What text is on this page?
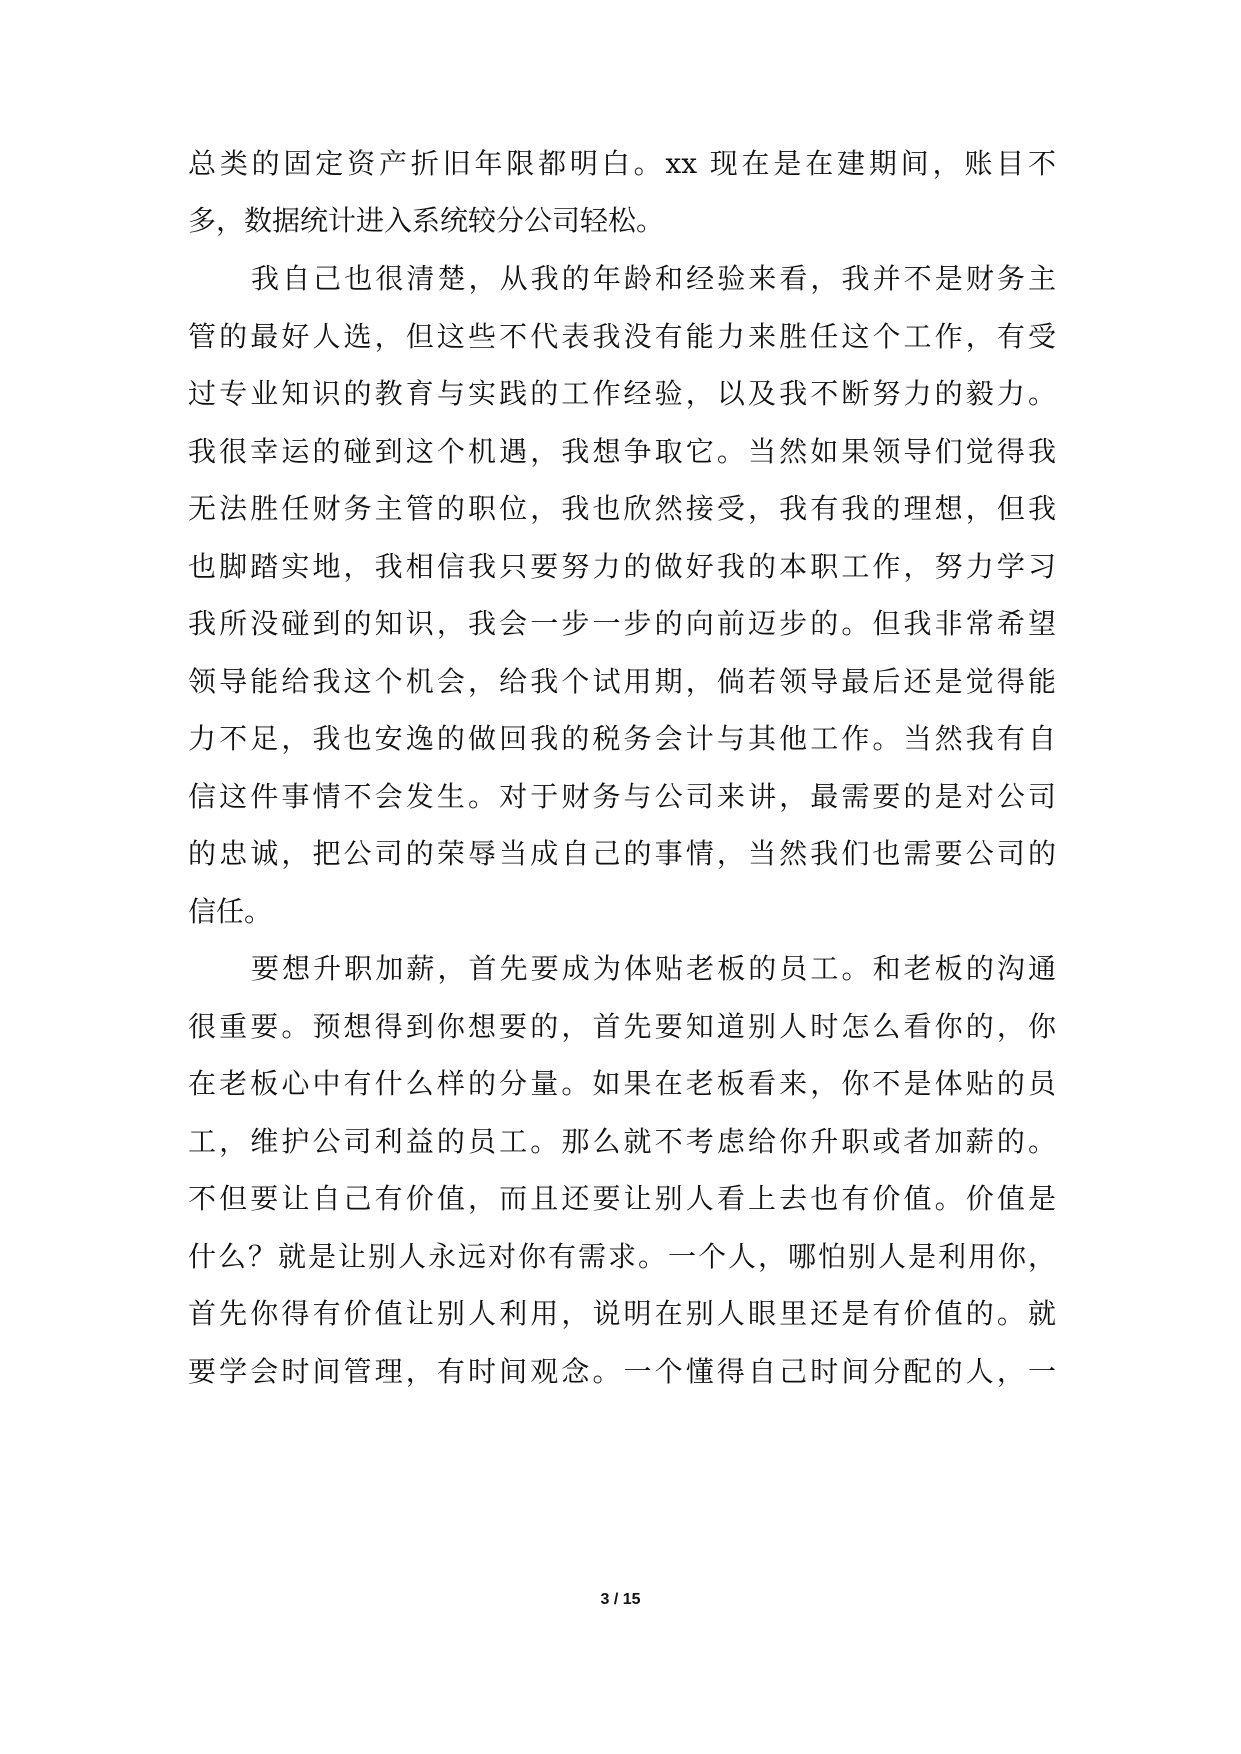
总类的固定资产折旧年限都明白。xx 现在是在建期间，账目不
多，数据统计进入系统较分公司轻松。
我自己也很清楚，从我的年龄和经验来看，我并不是财务主
管的最好人选，但这些不代表我没有能力来胜任这个工作，有受
过专业知识的教育与实践的工作经验，以及我不断努力的毅力。
我很幸运的碰到这个机遇，我想争取它。当然如果领导们觉得我
无法胜任财务主管的职位，我也欣然接受，我有我的理想，但我
也脚踏实地，我相信我只要努力的做好我的本职工作，努力学习
我所没碰到的知识，我会一步一步的向前迈步的。但我非常希望
领导能给我这个机会，给我个试用期，倘若领导最后还是觉得能
力不足，我也安逸的做回我的税务会计与其他工作。当然我有自
信这件事情不会发生。对于财务与公司来讲，最需要的是对公司
的忠诚，把公司的荣辱当成自己的事情，当然我们也需要公司的
信任。
要想升职加薪，首先要成为体贴老板的员工。和老板的沟通
很重要。预想得到你想要的，首先要知道别人时怎么看你的，你
在老板心中有什么样的分量。如果在老板看来，你不是体贴的员
工，维护公司利益的员工。那么就不考虑给你升职或者加薪的。
不但要让自己有价值，而且还要让别人看上去也有价值。价值是
什么？就是让别人永远对你有需求。一个人，哪怕别人是利用你，
首先你得有价值让别人利用，说明在别人眼里还是有价值的。就
要学会时间管理，有时间观念。一个懂得自己时间分配的人，一
3 / 15
